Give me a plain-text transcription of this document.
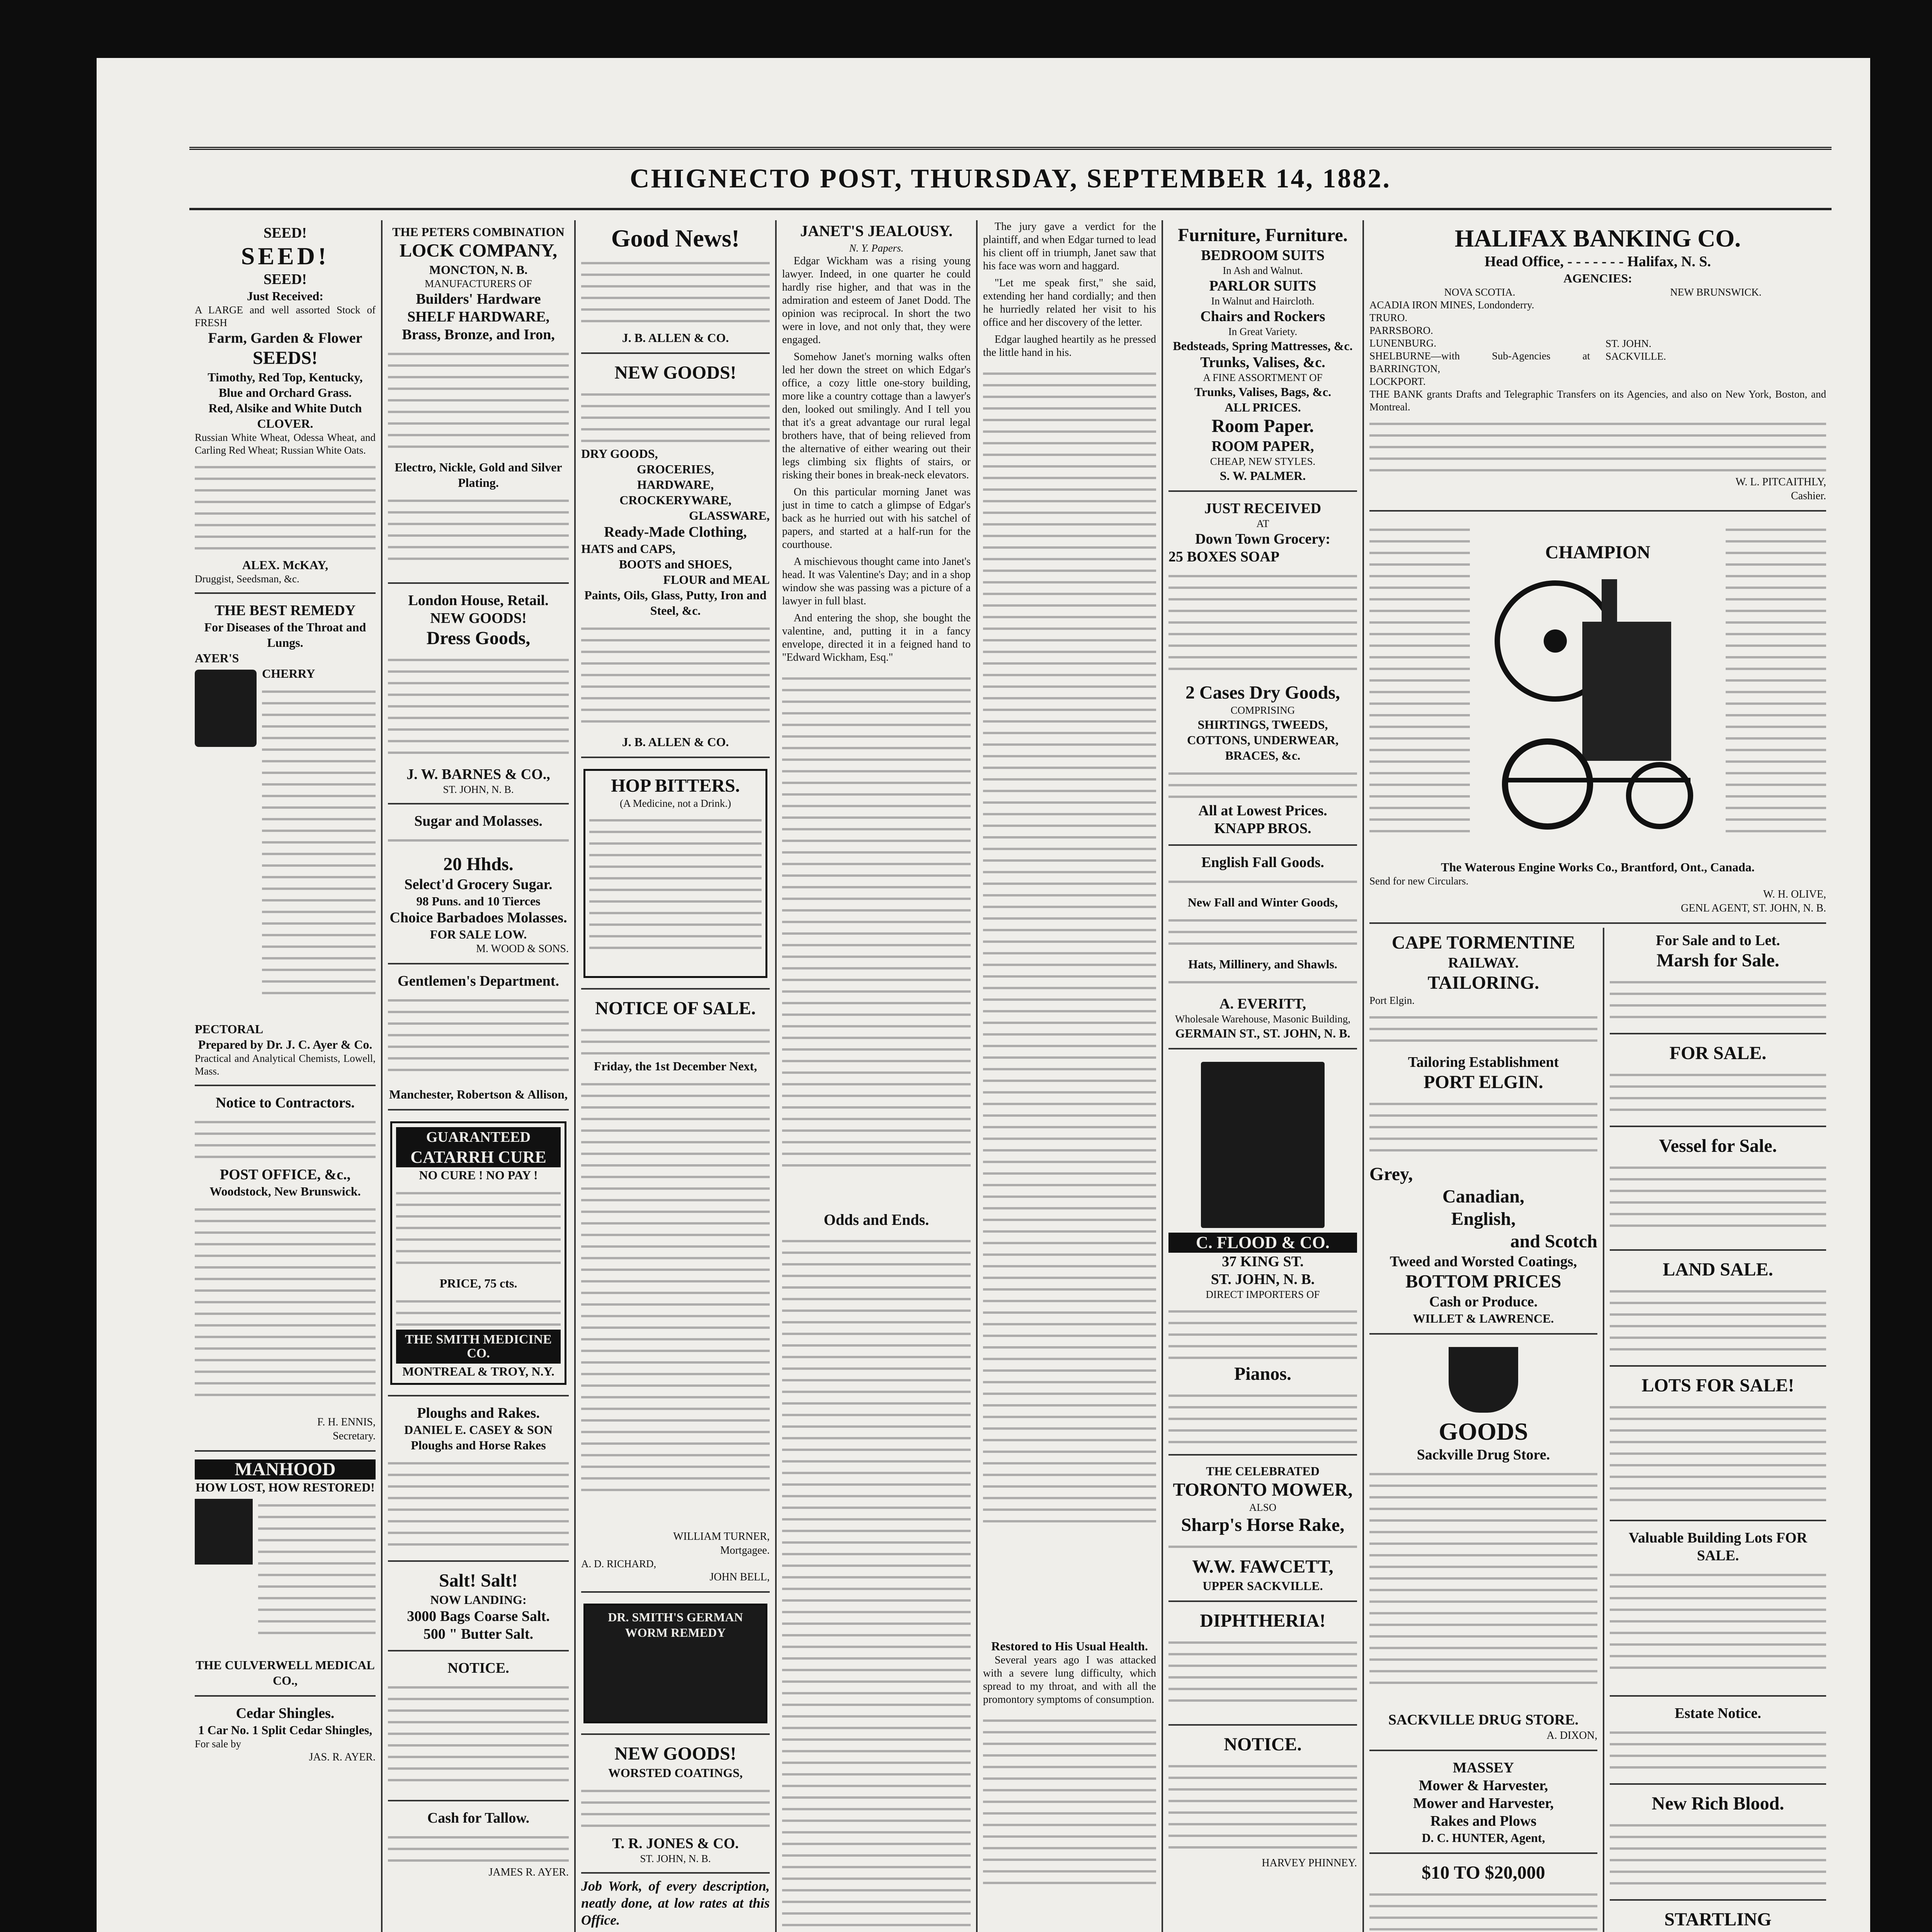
CHIGNECTO POST, THURSDAY, SEPTEMBER 14, 1882.
SEED!
SEED!
SEED!
Just Received:
A LARGE and well assorted Stock of FRESH
Farm, Garden & Flower
SEEDS!
Timothy, Red Top, Kentucky, Blue and Orchard Grass.
Red, Alsike and White Dutch CLOVER.
Russian White Wheat, Odessa Wheat, and Carling Red Wheat; Russian White Oats.
ALEX. McKAY,
Druggist, Seedsman, &c.
THE BEST REMEDY
For Diseases of the Throat and Lungs.
AYER'S
CHERRY
PECTORAL
Prepared by Dr. J. C. Ayer & Co.
Practical and Analytical Chemists, Lowell, Mass.
Notice to Contractors.
POST OFFICE, &c.,
Woodstock, New Brunswick.
F. H. ENNIS,
Secretary.
MANHOOD
HOW LOST, HOW RESTORED!
THE CULVERWELL MEDICAL CO.,
Cedar Shingles.
1 Car No. 1 Split Cedar Shingles,
For sale by
JAS. R. AYER.
THE PETERS COMBINATION
LOCK COMPANY,
MONCTON, N. B.
MANUFACTURERS OF
Builders' Hardware
SHELF HARDWARE,
Brass, Bronze, and Iron,
Electro, Nickle, Gold and Silver Plating.
London House, Retail.
NEW GOODS!
Dress Goods,
J. W. BARNES & CO.,
ST. JOHN, N. B.
Sugar and Molasses.
20 Hhds.
Select'd Grocery Sugar.
98 Puns. and 10 Tierces
Choice Barbadoes Molasses.
FOR SALE LOW.
M. WOOD & SONS.
Gentlemen's Department.
Manchester, Robertson & Allison,
GUARANTEED
CATARRH CURE
NO CURE ! NO PAY !
PRICE, 75 cts.
THE SMITH MEDICINE CO.
MONTREAL & TROY, N.Y.
Ploughs and Rakes.
DANIEL E. CASEY & SON
Ploughs and Horse Rakes
Salt! Salt!
NOW LANDING:
3000 Bags Coarse Salt.
500 " Butter Salt.
NOTICE.
Cash for Tallow.
JAMES R. AYER.
Good News!
J. B. ALLEN & CO.
NEW GOODS!
DRY GOODS,
GROCERIES,
HARDWARE,
CROCKERYWARE,
GLASSWARE,
Ready-Made Clothing,
HATS and CAPS,
BOOTS and SHOES,
FLOUR and MEAL
Paints, Oils, Glass, Putty, Iron and Steel, &c.
J. B. ALLEN & CO.
HOP BITTERS.
(A Medicine, not a Drink.)
NOTICE OF SALE.
Friday, the 1st December Next,
WILLIAM TURNER,
Mortgagee.
A. D. RICHARD,
JOHN BELL,
DR. SMITH'S GERMAN WORM REMEDY
NEW GOODS!
WORSTED COATINGS,
T. R. JONES & CO.
ST. JOHN, N. B.
Job Work, of every description, neatly done, at low rates at this Office.
JANET'S JEALOUSY.
N. Y. Papers.

Edgar Wickham was a rising young lawyer. Indeed, in one quarter he could hardly rise higher, and that was in the admiration and esteem of Janet Dodd. The opinion was reciprocal. In short the two were in love, and not only that, they were engaged.

Somehow Janet's morning walks often led her down the street on which Edgar's office, a cozy little one-story building, more like a country cottage than a lawyer's den, looked out smilingly. And I tell you that it's a great advantage our rural legal brothers have, that of being relieved from the alternative of either wearing out their legs climbing six flights of stairs, or risking their bones in break-neck elevators.

On this particular morning Janet was just in time to catch a glimpse of Edgar's back as he hurried out with his satchel of papers, and started at a half-run for the courthouse.

A mischievous thought came into Janet's head. It was Valentine's Day; and in a shop window she was passing was a picture of a lawyer in full blast.

And entering the shop, she bought the valentine, and, putting it in a fancy envelope, directed it in a feigned hand to "Edward Wickham, Esq."

Odds and Ends.

The jury gave a verdict for the plaintiff, and when Edgar turned to lead his client off in triumph, Janet saw that his face was worn and haggard.

"Let me speak first," she said, extending her hand cordially; and then he hurriedly related her visit to his office and her discovery of the letter.

Edgar laughed heartily as he pressed the little hand in his.

Restored to His Usual Health.

Several years ago I was attacked with a severe lung difficulty, which spread to my throat, and with all the promontory symptoms of consumption.

Furniture, Furniture.
BEDROOM SUITS
In Ash and Walnut.
PARLOR SUITS
In Walnut and Haircloth.
Chairs and Rockers
In Great Variety.
Bedsteads, Spring Mattresses, &c.
Trunks, Valises, &c.
A FINE ASSORTMENT OF
Trunks, Valises, Bags, &c.
ALL PRICES.
Room Paper.
ROOM PAPER,
CHEAP, NEW STYLES.
S. W. PALMER.
JUST RECEIVED
AT
Down Town Grocery:
25 BOXES SOAP
2 Cases Dry Goods,
COMPRISING
SHIRTINGS, TWEEDS, COTTONS, UNDERWEAR, BRACES, &c.
All at Lowest Prices.
KNAPP BROS.
English Fall Goods.
New Fall and Winter Goods,
Hats, Millinery, and Shawls.
A. EVERITT,
Wholesale Warehouse, Masonic Building,
GERMAIN ST., ST. JOHN, N. B.
C. FLOOD & CO.
37 KING ST.
ST. JOHN, N. B.
DIRECT IMPORTERS OF
Pianos.
THE CELEBRATED
TORONTO MOWER,
ALSO
Sharp's Horse Rake,
W.W. FAWCETT,
UPPER SACKVILLE.
DIPHTHERIA!
NOTICE.
HARVEY PHINNEY.
HALIFAX BANKING CO.
Head Office, - - - - - - - Halifax, N. S.
AGENCIES:
NOVA SCOTIA.
ACADIA IRON MINES, Londonderry.
TRURO.
PARRSBORO.
LUNENBURG.
SHELBURNE—with Sub-Agencies at BARRINGTON,
LOCKPORT.
NEW BRUNSWICK.
ST. JOHN.
SACKVILLE.
THE BANK grants Drafts and Telegraphic Transfers on its Agencies, and also on New York, Boston, and Montreal.
W. L. PITCAITHLY,
Cashier.
CHAMPION
The Waterous Engine Works Co., Brantford, Ont., Canada.
Send for new Circulars.
W. H. OLIVE,
GENL AGENT, ST. JOHN, N. B.
CAPE TORMENTINE
RAILWAY.
TAILORING.
Port Elgin.
Tailoring Establishment
PORT ELGIN.
Grey,
Canadian,
English,
and Scotch
Tweed and Worsted Coatings,
BOTTOM PRICES
Cash or Produce.
WILLET & LAWRENCE.
GOODS
Sackville Drug Store.
SACKVILLE DRUG STORE.
A. DIXON,
MASSEY
Mower & Harvester,
Mower and Harvester,
Rakes and Plows
D. C. HUNTER, Agent,
$10 TO $20,000
For Sale and to Let.
Marsh for Sale.
FOR SALE.
Vessel for Sale.
LAND SALE.
LOTS FOR SALE!
Valuable Building Lots FOR SALE.
Estate Notice.
New Rich Blood.
STARTLING
